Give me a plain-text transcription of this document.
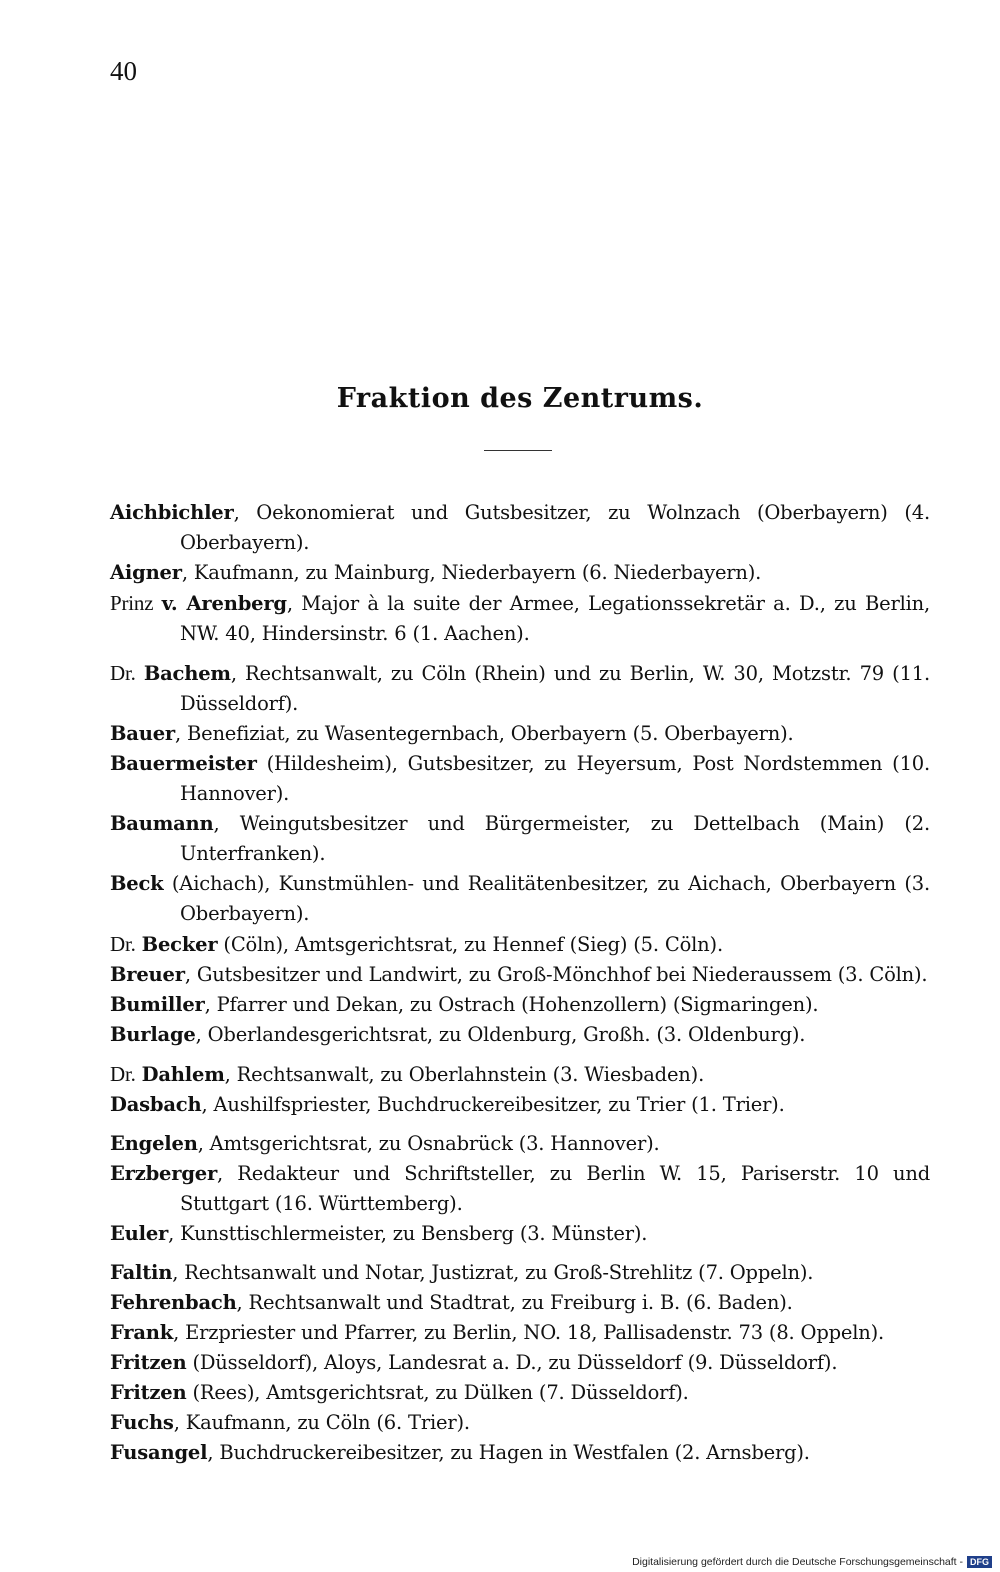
40
Fraktion des Zentrums.
Aichbichler, Oekonomierat und Gutsbesitzer, zu Wolnzach (Oberbayern) (4. Oberbayern).
Aigner, Kaufmann, zu Mainburg, Niederbayern (6. Niederbayern).
Prinz v. Arenberg, Major à la suite der Armee, Legationssekretär a. D., zu Berlin, NW. 40, Hindersinstr. 6 (1. Aachen).
Dr. Bachem, Rechtsanwalt, zu Cöln (Rhein) und zu Berlin, W. 30, Motzstr. 79 (11. Düsseldorf).
Bauer, Benefiziat, zu Wasentegernbach, Oberbayern (5. Oberbayern).
Bauermeister (Hildesheim), Gutsbesitzer, zu Heyersum, Post Nordstemmen (10. Hannover).
Baumann, Weingutsbesitzer und Bürgermeister, zu Dettelbach (Main) (2. Unterfranken).
Beck (Aichach), Kunstmühlen- und Realitätenbesitzer, zu Aichach, Oberbayern (3. Oberbayern).
Dr. Becker (Cöln), Amtsgerichtsrat, zu Hennef (Sieg) (5. Cöln).
Breuer, Gutsbesitzer und Landwirt, zu Groß-Mönchhof bei Niederaussem (3. Cöln).
Bumiller, Pfarrer und Dekan, zu Ostrach (Hohenzollern) (Sigmaringen).
Burlage, Oberlandesgerichtsrat, zu Oldenburg, Großh. (3. Oldenburg).
Dr. Dahlem, Rechtsanwalt, zu Oberlahnstein (3. Wiesbaden).
Dasbach, Aushilfspriester, Buchdruckereibesitzer, zu Trier (1. Trier).
Engelen, Amtsgerichtsrat, zu Osnabrück (3. Hannover).
Erzberger, Redakteur und Schriftsteller, zu Berlin W. 15, Pariserstr. 10 und Stuttgart (16. Württemberg).
Euler, Kunsttischlermeister, zu Bensberg (3. Münster).
Faltin, Rechtsanwalt und Notar, Justizrat, zu Groß-Strehlitz (7. Oppeln).
Fehrenbach, Rechtsanwalt und Stadtrat, zu Freiburg i. B. (6. Baden).
Frank, Erzpriester und Pfarrer, zu Berlin, NO. 18, Pallisadenstr. 73 (8. Oppeln).
Fritzen (Düsseldorf), Aloys, Landesrat a. D., zu Düsseldorf (9. Düsseldorf).
Fritzen (Rees), Amtsgerichtsrat, zu Dülken (7. Düsseldorf).
Fuchs, Kaufmann, zu Cöln (6. Trier).
Fusangel, Buchdruckereibesitzer, zu Hagen in Westfalen (2. Arnsberg).
Digitalisierung gefördert durch die Deutsche Forschungsgemeinschaft - DFG
